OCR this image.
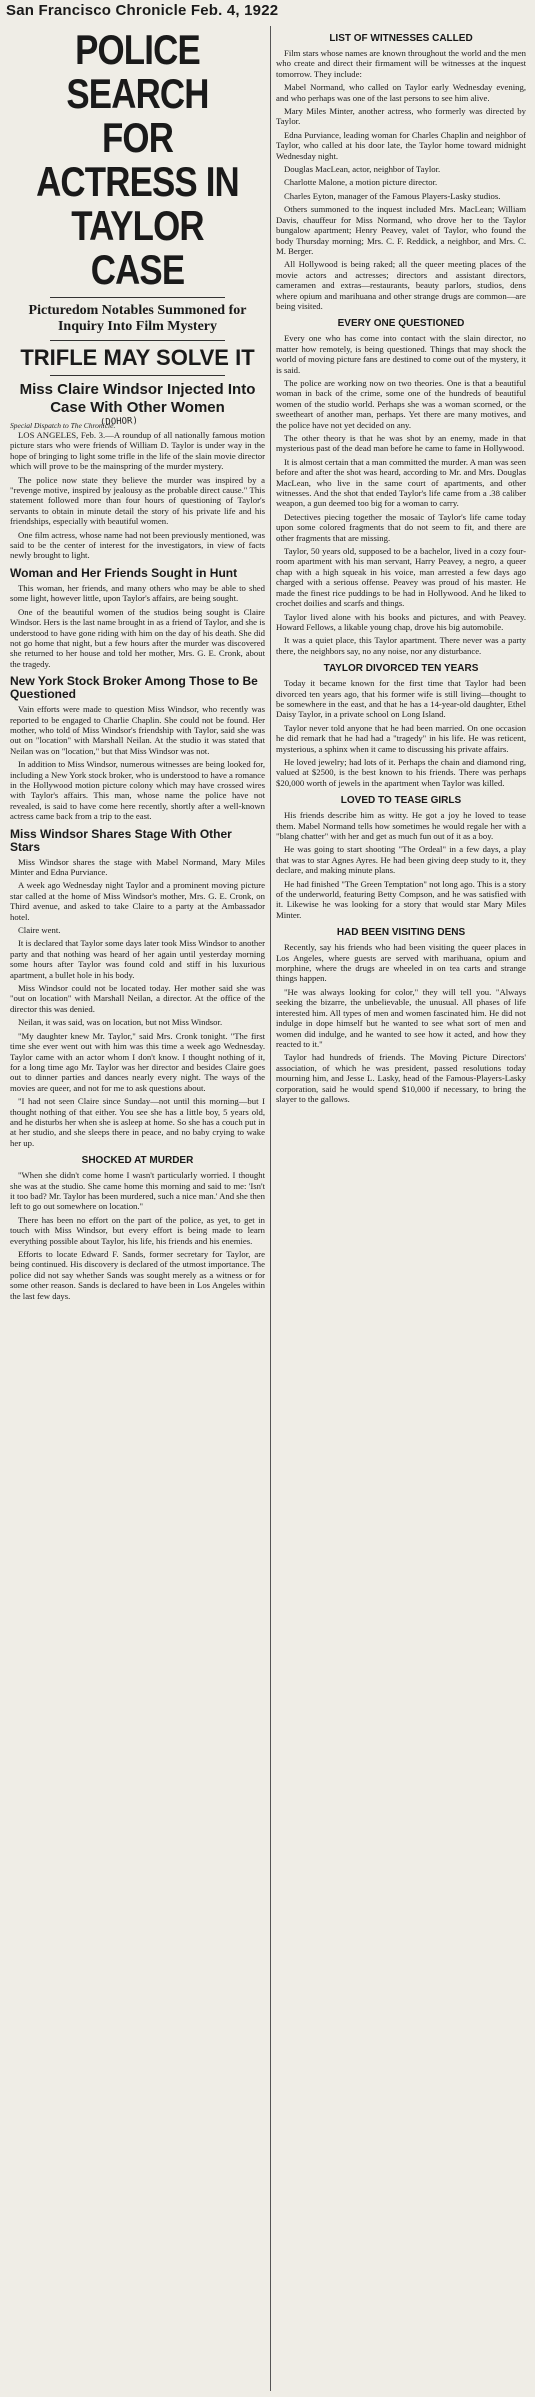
San Francisco Chronicle Feb. 4, 1922
POLICE SEARCH
FOR ACTRESS IN
TAYLOR CASE
Picturedom Notables Summoned for Inquiry Into Film Mystery
TRIFLE MAY SOLVE IT
Miss Claire Windsor Injected Into Case With Other Women
Special Dispatch to The Chronicle.

LOS ANGELES, Feb. 3.—A roundup of all nationally famous motion picture stars who were friends of William D. Taylor is under way in the hope of bringing to light some trifle in the life of the slain movie director which will prove to be the mainspring of the murder mystery.

The police now state they believe the murder was inspired by a "revenge motive, inspired by jealousy as the probable direct cause." This statement followed more than four hours of questioning of Taylor's servants to obtain in minute detail the story of his private life and his friendships, especially with beautiful women.

One film actress, whose name had not been previously mentioned, was said to be the center of interest for the investigators, in view of facts newly brought to light.

Woman and Her Friends Sought in Hunt

This woman, her friends, and many others who may be able to shed some light, however little, upon Taylor's affairs, are being sought.

One of the beautiful women of the studios being sought is Claire Windsor. Hers is the last name brought in as a friend of Taylor, and she is understood to have gone riding with him on the day of his death. She did not go home that night, but a few hours after the murder was discovered she returned to her house and told her mother, Mrs. G. E. Cronk, about the tragedy.

New York Stock Broker Among Those to Be Questioned

Vain efforts were made to question Miss Windsor, who recently was reported to be engaged to Charlie Chaplin. She could not be found. Her mother, who told of Miss Windsor's friendship with Taylor, said she was out on "location" with Marshall Neilan. At the studio it was stated that Neilan was on "location," but that Miss Windsor was not.

In addition to Miss Windsor, numerous witnesses are being looked for, including a New York stock broker, who is understood to have a romance in the Hollywood motion picture colony which may have crossed wires with Taylor's affairs. This man, whose name the police have not revealed, is said to have come here recently, shortly after a well-known actress came back from a trip to the east.

Miss Windsor Shares Stage With Other Stars

Miss Windsor shares the stage with Mabel Normand, Mary Miles Minter and Edna Purviance.

A week ago Wednesday night Taylor and a prominent moving picture star called at the home of Miss Windsor's mother, Mrs. G. E. Cronk, on Third avenue, and asked to take Claire to a party at the Ambassador hotel.

Claire went.

It is declared that Taylor some days later took Miss Windsor to another party and that nothing was heard of her again until yesterday morning some hours after Taylor was found cold and stiff in his luxurious apartment, a bullet hole in his body.

Miss Windsor could not be located today. Her mother said she was "out on location" with Marshall Neilan, a director. At the office of the director this was denied.

Neilan, it was said, was on location, but not Miss Windsor.

"My daughter knew Mr. Taylor," said Mrs. Cronk tonight. "The first time she ever went out with him was this time a week ago Wednesday. Taylor came with an actor whom I don't know. I thought nothing of it, for a long time ago Mr. Taylor was her director and besides Claire goes out to dinner parties and dances nearly every night. The ways of the movies are queer, and not for me to ask questions about.

"I had not seen Claire since Sunday—not until this morning—but I thought nothing of that either. You see she has a little boy, 5 years old, and he disturbs her when she is asleep at home. So she has a couch put in at her studio, and she sleeps there in peace, and no baby crying to wake her up.

SHOCKED AT MURDER

"When she didn't come home I wasn't particularly worried. I thought she was at the studio. She came home this morning and said to me: 'Isn't it too bad? Mr. Taylor has been murdered, such a nice man.' And she then left to go out somewhere on location."

There has been no effort on the part of the police, as yet, to get in touch with Miss Windsor, but every effort is being made to learn everything possible about Taylor, his life, his friends and his enemies.

Efforts to locate Edward F. Sands, former secretary for Taylor, are being continued. His discovery is declared of the utmost importance. The police did not say whether Sands was sought merely as a witness or for some other reason. Sands is declared to have been in Los Angeles within the last few days.

(DOHOR)
LIST OF WITNESSES CALLED

Film stars whose names are known throughout the world and the men who create and direct their firmament will be witnesses at the inquest tomorrow. They include:

Mabel Normand, who called on Taylor early Wednesday evening, and who perhaps was one of the last persons to see him alive.

Mary Miles Minter, another actress, who formerly was directed by Taylor.

Edna Purviance, leading woman for Charles Chaplin and neighbor of Taylor, who called at his door late, the Taylor home toward midnight Wednesday night.

Douglas MacLean, actor, neighbor of Taylor.

Charlotte Malone, a motion picture director.

Charles Eyton, manager of the Famous Players-Lasky studios.

Others summoned to the inquest included Mrs. MacLean; William Davis, chauffeur for Miss Normand, who drove her to the Taylor bungalow apartment; Henry Peavey, valet of Taylor, who found the body Thursday morning; Mrs. C. F. Reddick, a neighbor, and Mrs. C. M. Berger.

All Hollywood is being raked; all the queer meeting places of the movie actors and actresses; directors and assistant directors, cameramen and extras—restaurants, beauty parlors, studios, dens where opium and marihuana and other strange drugs are common—are being visited.

EVERY ONE QUESTIONED

Every one who has come into contact with the slain director, no matter how remotely, is being questioned. Things that may shock the world of moving picture fans are destined to come out of the mystery, it is said.

The police are working now on two theories. One is that a beautiful woman in back of the crime, some one of the hundreds of beautiful women of the studio world. Perhaps she was a woman scorned, or the sweetheart of another man, perhaps. Yet there are many motives, and the police have not yet decided on any.

The other theory is that he was shot by an enemy, made in that mysterious past of the dead man before he came to fame in Hollywood.

It is almost certain that a man committed the murder. A man was seen before and after the shot was heard, according to Mr. and Mrs. Douglas MacLean, who live in the same court of apartments, and other witnesses. And the shot that ended Taylor's life came from a .38 caliber weapon, a gun deemed too big for a woman to carry.

Detectives piecing together the mosaic of Taylor's life came today upon some colored fragments that do not seem to fit, and there are other fragments that are missing.

Taylor, 50 years old, supposed to be a bachelor, lived in a cozy four-room apartment with his man servant, Harry Peavey, a negro, a queer chap with a high squeak in his voice, man arrested a few days ago charged with a serious offense. Peavey was proud of his master. He made the finest rice puddings to be had in Hollywood. And he liked to crochet doilies and scarfs and things.

Taylor lived alone with his books and pictures, and with Peavey. Howard Fellows, a likable young chap, drove his big automobile.

It was a quiet place, this Taylor apartment. There never was a party there, the neighbors say, no any noise, nor any disturbance.

TAYLOR DIVORCED TEN YEARS

Today it became known for the first time that Taylor had been divorced ten years ago, that his former wife is still living—thought to be somewhere in the east, and that he has a 14-year-old daughter, Ethel Daisy Taylor, in a private school on Long Island.

Taylor never told anyone that he had been married. On one occasion he did remark that he had had a "tragedy" in his life. He was reticent, mysterious, a sphinx when it came to discussing his private affairs.

He loved jewelry; had lots of it. Perhaps the chain and diamond ring, valued at $2500, is the best known to his friends. There was perhaps $20,000 worth of jewels in the apartment when Taylor was killed.

LOVED TO TEASE GIRLS

His friends describe him as witty. He got a joy he loved to tease them. Mabel Normand tells how sometimes he would regale her with a "blang chatter" with her and get as much fun out of it as a boy.

He was going to start shooting "The Ordeal" in a few days, a play that was to star Agnes Ayres. He had been giving deep study to it, they declare, and making minute plans.

He had finished "The Green Temptation" not long ago. This is a story of the underworld, featuring Betty Compson, and he was satisfied with it. Likewise he was looking for a story that would star Mary Miles Minter.

HAD BEEN VISITING DENS

Recently, say his friends who had been visiting the queer places in Los Angeles, where guests are served with marihuana, opium and morphine, where the drugs are wheeled in on tea carts and strange things happen.

"He was always looking for color," they will tell you. "Always seeking the bizarre, the unbelievable, the unusual. All phases of life interested him. All types of men and women fascinated him. He did not indulge in dope himself but he wanted to see what sort of men and women did indulge, and he wanted to see how it acted, and how they reacted to it."

Taylor had hundreds of friends. The Moving Picture Directors' association, of which he was president, passed resolutions today mourning him, and Jesse L. Lasky, head of the Famous-Players-Lasky corporation, said he would spend $10,000 if necessary, to bring the slayer to the gallows.
